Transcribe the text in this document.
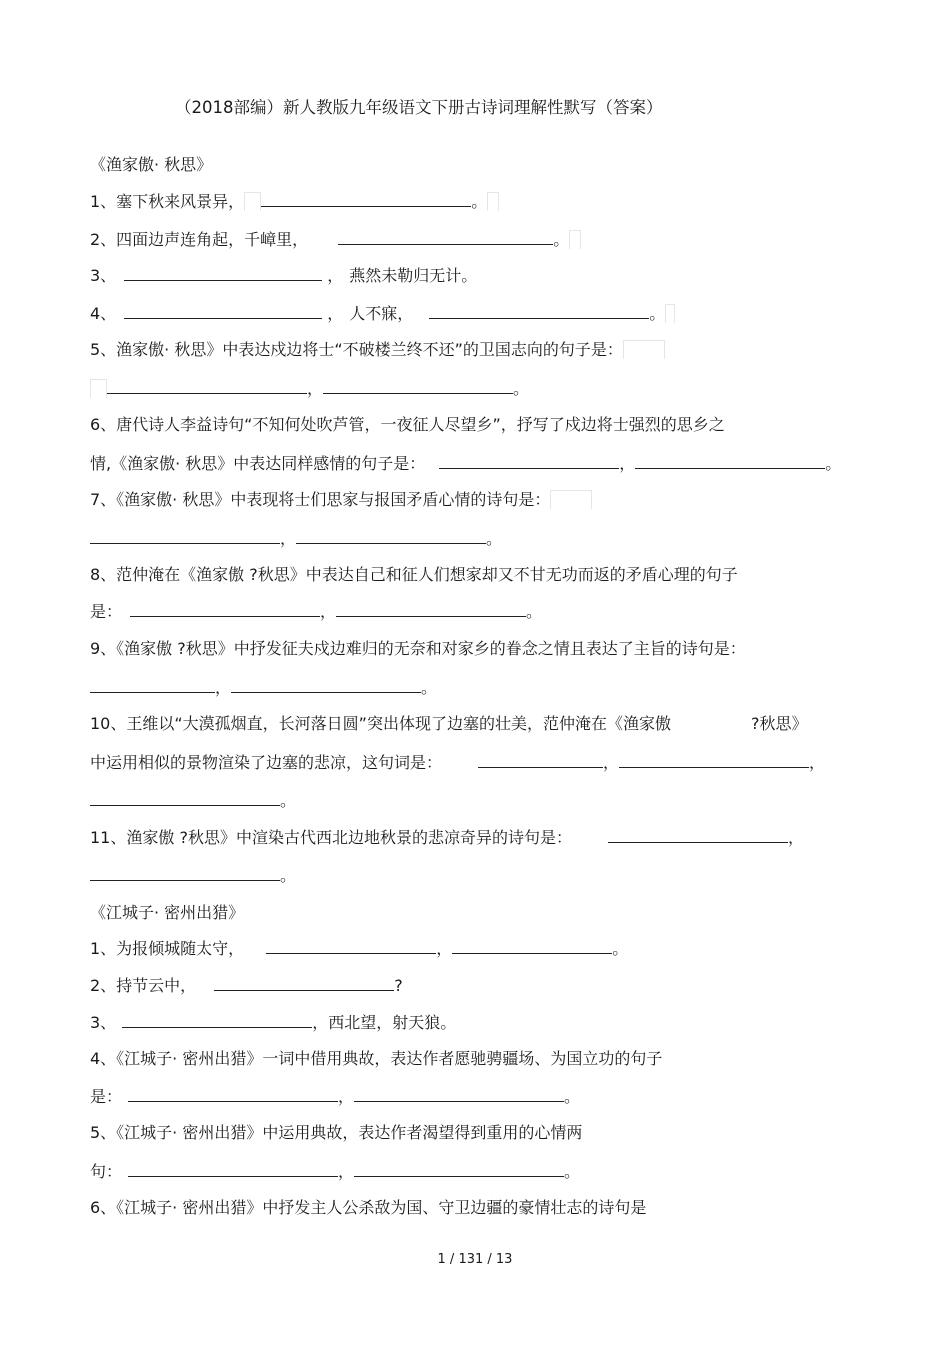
（2018部编）新人教版九年级语文下册古诗词理解性默写（答案）
《渔家傲· 秋思》
1、塞下秋来风景异，	。
2、四面边声连角起，千嶂里，	。
3、	， 燕然未勒归无计。
4、	， 人不寐，	。
5、渔家傲· 秋思》中表达戍边将士“不破楼兰终不还”的卫国志向的句子是：
，	。
6、唐代诗人李益诗句“不知何处吹芦管，一夜征人尽望乡”，抒写了戍边将士强烈的思乡之
情,《渔家傲· 秋思》中表达同样感情的句子是：	，	。
7、《渔家傲· 秋思》中表现将士们思家与报国矛盾心情的诗句是：
，	。
8、范仲淹在《渔家傲 ?秋思》中表达自己和征人们想家却又不甘无功而返的矛盾心理的句子
是：	，	。
9、《渔家傲 ?秋思》中抒发征夫戍边难归的无奈和对家乡的眷念之情且表达了主旨的诗句是：
，	。
10、王维以“大漠孤烟直，长河落日圆”突出体现了边塞的壮美，范仲淹在《渔家傲	?秋思》
中运用相似的景物渲染了边塞的悲凉，这句词是：	，	，
。
11、渔家傲 ?秋思》中渲染古代西北边地秋景的悲凉奇异的诗句是：	，
。
《江城子· 密州出猎》
1、为报倾城随太守，	，	。
2、持节云中，	?
3、	，西北望，射天狼。
4、《江城子· 密州出猎》一词中借用典故，表达作者愿驰骋疆场、为国立功的句子
是：	，	。
5、《江城子· 密州出猎》中运用典故，表达作者渴望得到重用的心情两
句：	，	。
6、《江城子· 密州出猎》中抒发主人公杀敌为国、守卫边疆的豪情壮志的诗句是
1 / 131 / 13
